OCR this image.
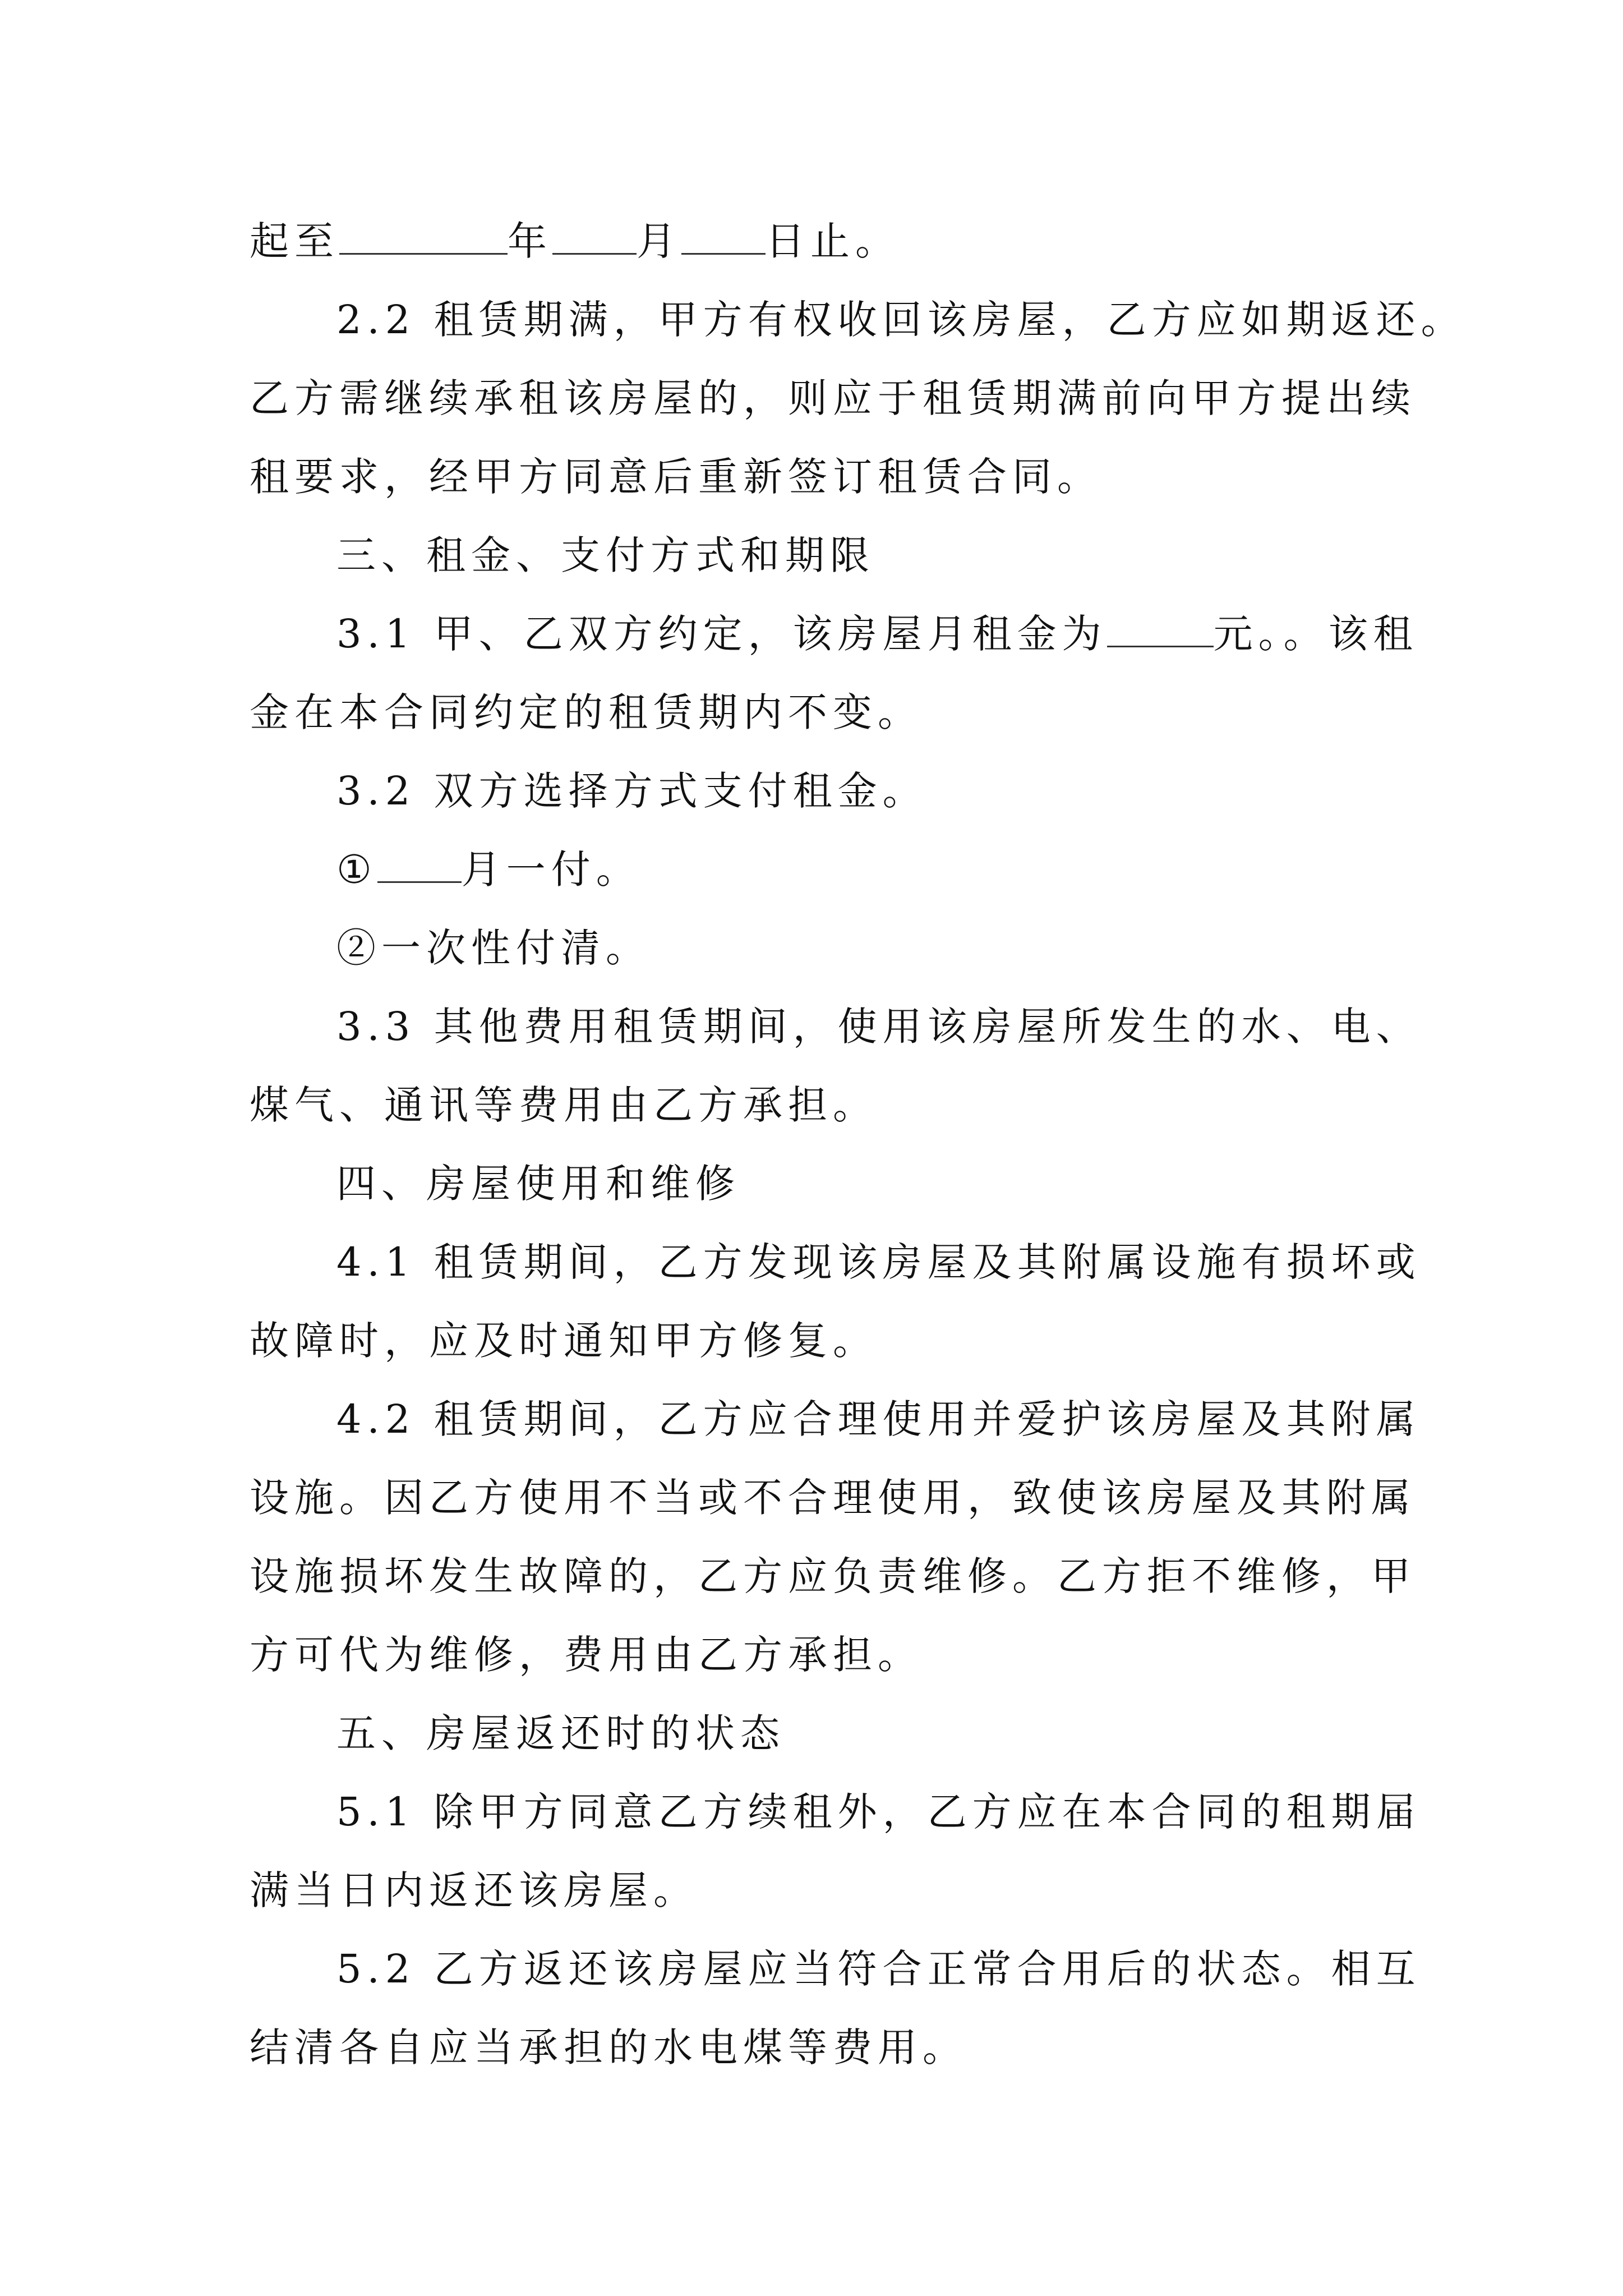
起至	年 月 日止。
2.2 租赁期满，甲方有权收回该房屋，乙方应如期返还。
乙方需继续承租该房屋的，则应于租赁期满前向甲方提出续
租要求，经甲方同意后重新签订租赁合同。
三、租金、支付方式和期限
3.1 甲、乙双方约定，该房屋月租金为	元。。该租
金在本合同约定的租赁期内不变。
3.2 双方选择方式支付租金。
① 月一付。
②一次性付清。
3.3 其他费用租赁期间，使用该房屋所发生的水、电、
煤气、通讯等费用由乙方承担。
四、房屋使用和维修
4.1 租赁期间，乙方发现该房屋及其附属设施有损坏或
故障时，应及时通知甲方修复。
4.2 租赁期间，乙方应合理使用并爱护该房屋及其附属
设施。因乙方使用不当或不合理使用，致使该房屋及其附属
设施损坏发生故障的，乙方应负责维修。乙方拒不维修，甲
方可代为维修，费用由乙方承担。
五、房屋返还时的状态
5.1 除甲方同意乙方续租外，乙方应在本合同的租期届
满当日内返还该房屋。
5.2 乙方返还该房屋应当符合正常合用后的状态。相互
结清各自应当承担的水电煤等费用。
